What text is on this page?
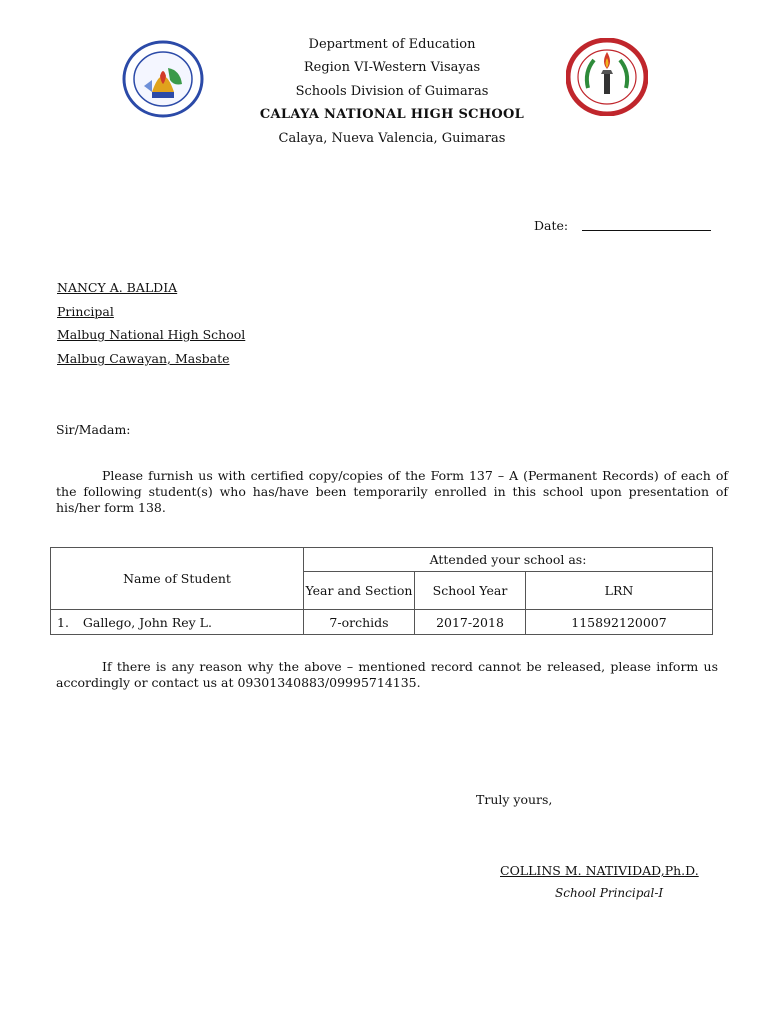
Department of Education
Region VI-Western Visayas
Schools Division of Guimaras
CALAYA NATIONAL HIGH SCHOOL
Calaya, Nueva Valencia, Guimaras
Date:
NANCY A. BALDIA
Principal
Malbug National High School
Malbug Cawayan, Masbate
Sir/Madam:
Please furnish us with certified copy/copies of the Form 137 – A (Permanent Records) of each of the following student(s) who has/have been temporarily enrolled in this school upon presentation of his/her form 138.
Name of Student	Attended your school as:		
	Year and Section	School Year	LRN
1. Gallego, John Rey L.	7-orchids	2017-2018	115892120007
If there is any reason why the above – mentioned record cannot be released, please inform us accordingly or contact us at 09301340883/09995714135.
Truly yours,
COLLINS M. NATIVIDAD,Ph.D.
School Principal-I
